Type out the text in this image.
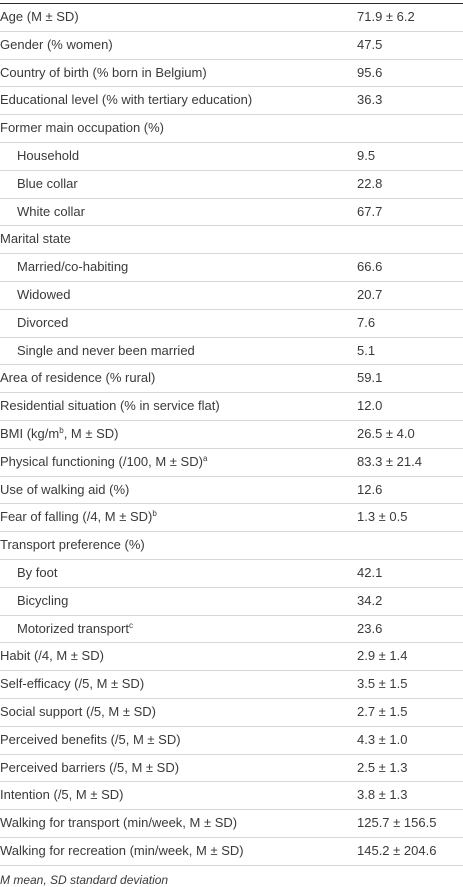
Age (M ± SD)	71.9 ± 6.2
Gender (% women)	47.5
Country of birth (% born in Belgium)	95.6
Educational level (% with tertiary education)	36.3
Former main occupation (%)
Household	9.5
Blue collar	22.8
White collar	67.7
Marital state
Married/co-habiting	66.6
Widowed	20.7
Divorced	7.6
Single and never been married	5.1
Area of residence (% rural)	59.1
Residential situation (% in service flat)	12.0
BMI ($kg/m^b$, M ± SD)	26.5 ± 4.0
Physical functioning (/100, M ± SD)$^a$	83.3 ± 21.4
Use of walking aid (%)	12.6
Fear of falling (/4, M ± SD)$^b$	1.3 ± 0.5
Transport preference (%)
By foot	42.1
Bicycling	34.2
Motorized transport$^c$	23.6
Habit (/4, M ± SD)	2.9 ± 1.4
Self-efficacy (/5, M ± SD)	3.5 ± 1.5
Social support (/5, M ± SD)	2.7 ± 1.5
Perceived benefits (/5, M ± SD)	4.3 ± 1.0
Perceived barriers (/5, M ± SD)	2.5 ± 1.3
Intention (/5, M ± SD)	3.8 ± 1.3
Walking for transport (min/week, M ± SD)	125.7 ± 156.5
Walking for recreation (min/week, M ± SD)	145.2 ± 204.6
M mean, SD standard deviation
